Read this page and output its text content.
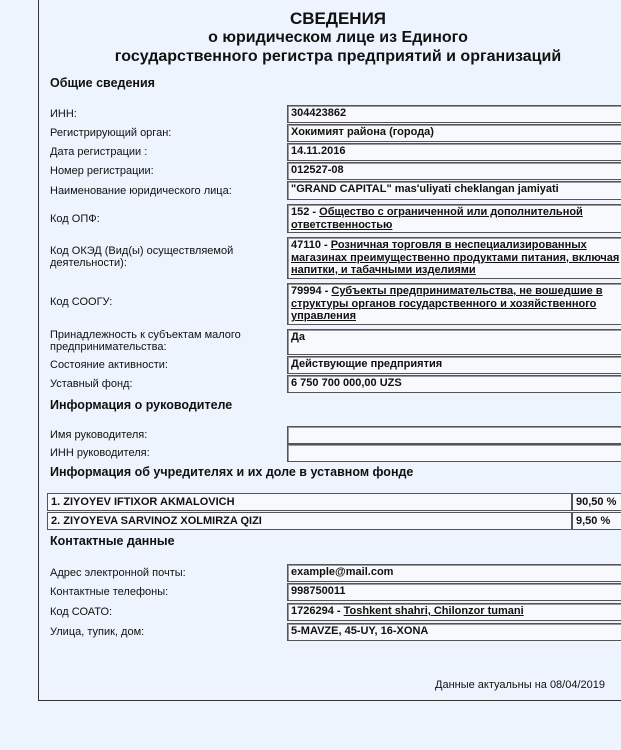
СВЕДЕНИЯ
о юридическом лице из Единого
государственного регистра предприятий и организаций
Общие сведения
ИНН:	304423862
Регистрирующий орган:	Хокимият района (города)
Дата регистрации :	14.11.2016
Номер регистрации:	012527-08
Наименование юридического лица:	"GRAND CAPITAL" mas'uliyati cheklangan jamiyati
Код ОПФ:
152 - Общество с ограниченной или дополнительной ответственностью
Код ОКЭД (Вид(ы) осуществляемой деятельности):
47110 - Розничная торговля в неспециализированных магазинах преимущественно продуктами питания, включая напитки, и табачными изделиями
Код СООГУ:
79994 - Субъекты предпринимательства, не вошедшие в структуры органов государственного и хозяйственного управления
Принадлежность к субъектам малого предпринимательства:
Да
Состояние активности:	Действующие предприятия
Уставный фонд:	6 750 700 000,00 UZS
Информация о руководителе
Имя руководителя:
ИНН руководителя:
Информация об учредителях и их доле в уставном фонде
1. ZIYOYEV IFTIXOR AKMALOVICH	90,50 %
2. ZIYOYEVA SARVINOZ XOLMIRZA QIZI	9,50 %
Контактные данные
Адрес электронной почты:	example@mail.com
Контактные телефоны:	998750011
Код СОАТО:	1726294 - Toshkent shahri, Chilonzor tumani
Улица, тупик, дом:	5-MAVZE, 45-UY, 16-XONA
Данные актуальны на 08/04/2019
